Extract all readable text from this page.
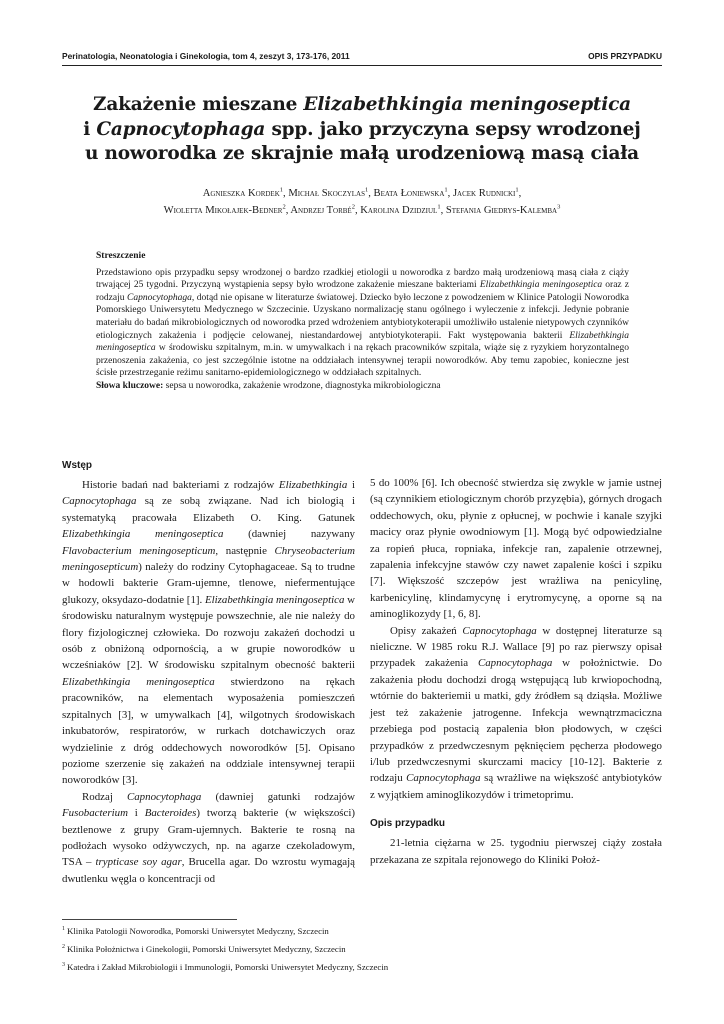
Perinatologia, Neonatologia i Ginekologia, tom 4, zeszyt 3, 173-176, 2011	OPIS PRZYPADKU
Zakażenie mieszane Elizabethkingia meningoseptica
i Capnocytophaga spp. jako przyczyna sepsy wrodzonej
u noworodka ze skrajnie małą urodzeniową masą ciała
Agnieszka Kordek$^1$, Michał Skoczylas$^1$, Beata Łoniewska$^1$, Jacek Rudnicki$^1$,
Wioletta Mikołajek-Bedner$^2$, Andrzej Torbé$^2$, Karolina Dzidziul$^1$, Stefania Giedrys-Kalemba$^3$
Streszczenie

Przedstawiono opis przypadku sepsy wrodzonej o bardzo rzadkiej etiologii u noworodka z bardzo małą urodzeniową masą ciała z ciąży trwającej 25 tygodni. Przyczyną wystąpienia sepsy było wrodzone zakażenie mieszane bakteriami Elizabethkingia meningoseptica oraz z rodzaju Capnocytophaga, dotąd nie opisane w literaturze światowej. Dziecko było leczone z powodzeniem w Klinice Patologii Noworodka Pomorskiego Uniwersytetu Medycznego w Szczecinie. Uzyskano normalizację stanu ogólnego i wyleczenie z infekcji. Jedynie pobranie materiału do badań mikrobiologicznych od noworodka przed wdrożeniem antybiotykoterapii umożliwiło ustalenie nietypowych czynników etiologicznych zakażenia i podjęcie celowanej, niestandardowej antybiotykoterapii. Fakt występowania bakterii Elizabethkingia meningoseptica w środowisku szpitalnym, m.in. w umywalkach i na rękach pracowników szpitala, wiąże się z ryzykiem horyzontalnego przenoszenia zakażenia, co jest szczególnie istotne na oddziałach intensywnej terapii noworodków. Aby temu zapobiec, konieczne jest ścisłe przestrzeganie reżimu sanitarno-epidemiologicznego w oddziałach szpitalnych.

Słowa kluczowe: sepsa u noworodka, zakażenie wrodzone, diagnostyka mikrobiologiczna

Wstęp

Historie badań nad bakteriami z rodzajów Elizabethkingia i Capnocytophaga są ze sobą związane. Nad ich biologią i systematyką pracowała Elizabeth O. King. Gatunek Elizabethkingia meningoseptica (dawniej nazywany Flavobacterium meningosepticum, następnie Chryseobacterium meningosepticum) należy do rodziny Cytophagaceae. Są to trudne w hodowli bakterie Gram-ujemne, tlenowe, niefermentujące glukozy, oksydazo-dodatnie [1]. Elizabethkingia meningoseptica w środowisku naturalnym występuje powszechnie, ale nie należy do flory fizjologicznej człowieka. Do rozwoju zakażeń dochodzi u osób z obniżoną odpornością, a w grupie noworodków u wcześniaków [2]. W środowisku szpitalnym obecność bakterii Elizabethkingia meningoseptica stwierdzono na rękach pracowników, na elementach wyposażenia pomieszczeń szpitalnych [3], w umywalkach [4], wilgotnych środowiskach inkubatorów, respiratorów, w rurkach dotchawiczych oraz wydzielinie z dróg oddechowych noworodków [5]. Opisano poziome szerzenie się zakażeń na oddziale intensywnej terapii noworodków [3].

Rodzaj Capnocytophaga (dawniej gatunki rodzajów Fusobacterium i Bacteroides) tworzą bakterie (w większości) beztlenowe z grupy Gram-ujemnych. Bakterie te rosną na podłożach wysoko odżywczych, np. na agarze czekoladowym, TSA – trypticase soy agar, Brucella agar. Do wzrostu wymagają dwutlenku węgla o koncentracji od

5 do 100% [6]. Ich obecność stwierdza się zwykle w jamie ustnej (są czynnikiem etiologicznym chorób przyzębia), górnych drogach oddechowych, oku, płynie z opłucnej, w pochwie i kanale szyjki macicy oraz płynie owodniowym [1]. Mogą być odpowiedzialne za ropień płuca, ropniaka, infekcje ran, zapalenie otrzewnej, zapalenia infekcyjne stawów czy nawet zapalenie kości i szpiku [7]. Większość szczepów jest wrażliwa na penicylinę, karbenicylinę, klindamycynę i erytromycynę, a oporne są na aminoglikozydy [1, 6, 8].

Opisy zakażeń Capnocytophaga w dostępnej literaturze są nieliczne. W 1985 roku R.J. Wallace [9] po raz pierwszy opisał przypadek zakażenia Capnocytophaga w położnictwie. Do zakażenia płodu dochodzi drogą wstępującą lub krwiopochodną, wtórnie do bakteriemii u matki, gdy źródłem są dziąsła. Możliwe jest też zakażenie jatrogenne. Infekcja wewnątrzmaciczna przebiega pod postacią zapalenia błon płodowych, w części przypadków z przedwczesnym pęknięciem pęcherza płodowego i/lub przedwczesnymi skurczami macicy [10-12]. Bakterie z rodzaju Capnocytophaga są wrażliwe na większość antybiotyków z wyjątkiem aminoglikozydów i trimetoprimu.

Opis przypadku

21-letnia ciężarna w 25. tygodniu pierwszej ciąży została przekazana ze szpitala rejonowego do Kliniki Położ-

$^1$ Klinika Patologii Noworodka, Pomorski Uniwersytet Medyczny, Szczecin
$^2$ Klinika Położnictwa i Ginekologii, Pomorski Uniwersytet Medyczny, Szczecin
$^3$ Katedra i Zakład Mikrobiologii i Immunologii, Pomorski Uniwersytet Medyczny, Szczecin
